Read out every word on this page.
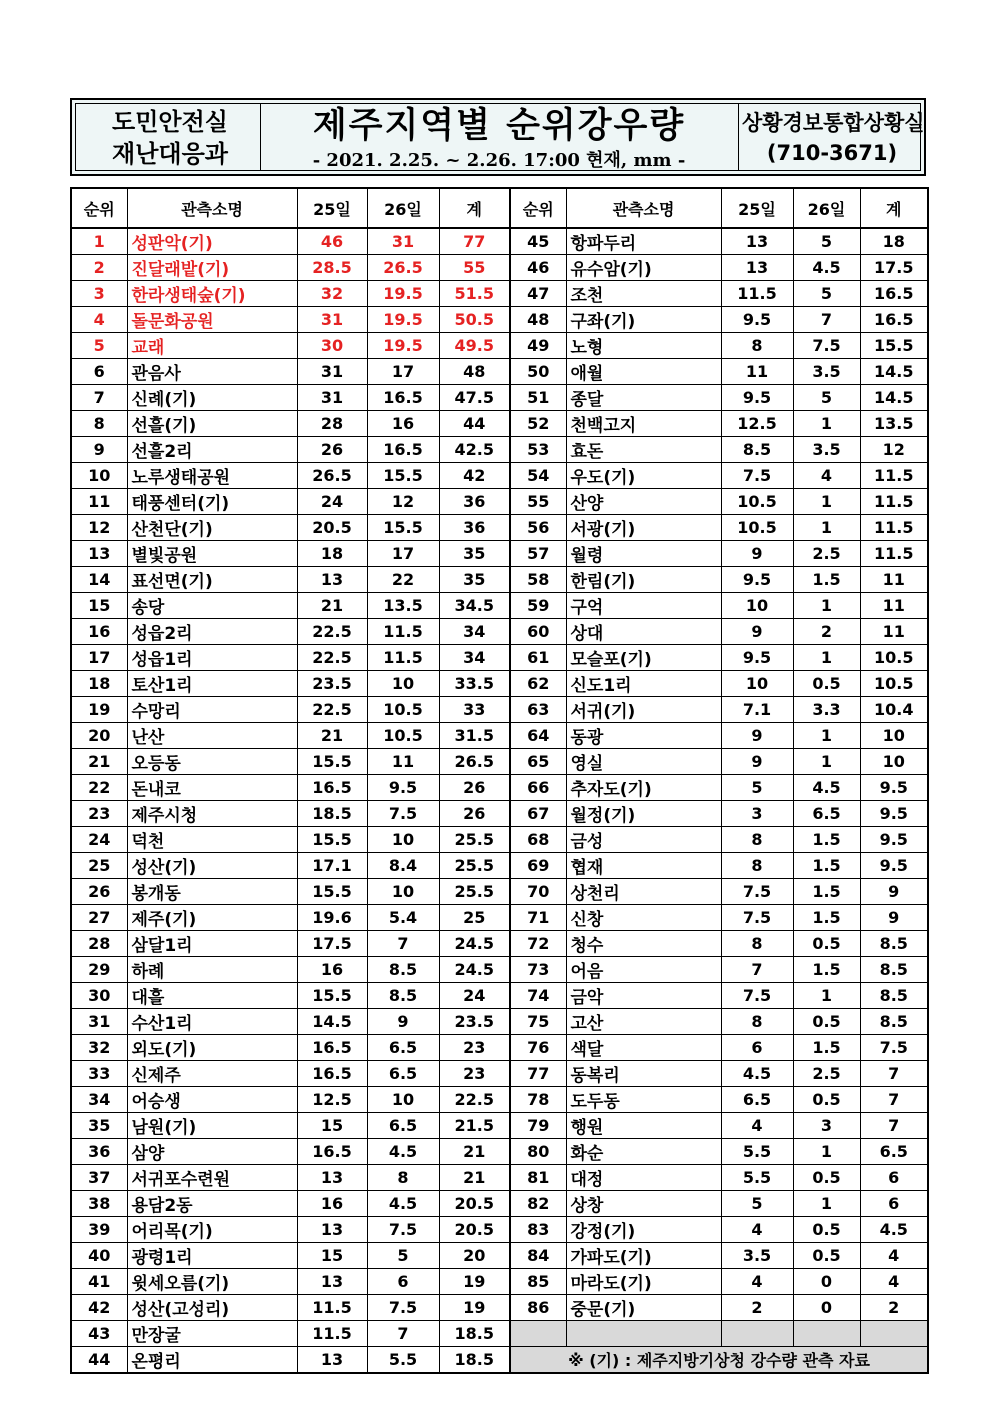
도민안전실
재난대응과
제주지역별 순위강우량
- 2021. 2.25. ~ 2.26. 17:00 현재, mm -
상황경보통합상황실
(710-3671)
순위	관측소명	25일	26일	계	순위	관측소명	25일	26일	계
1	성판악(기)	46	31	77	45	항파두리	13	5	18
2	진달래밭(기)	28.5	26.5	55	46	유수암(기)	13	4.5	17.5
3	한라생태숲(기)	32	19.5	51.5	47	조천	11.5	5	16.5
4	돌문화공원	31	19.5	50.5	48	구좌(기)	9.5	7	16.5
5	교래	30	19.5	49.5	49	노형	8	7.5	15.5
6	관음사	31	17	48	50	애월	11	3.5	14.5
7	신례(기)	31	16.5	47.5	51	종달	9.5	5	14.5
8	선흘(기)	28	16	44	52	천백고지	12.5	1	13.5
9	선흘2리	26	16.5	42.5	53	효돈	8.5	3.5	12
10	노루생태공원	26.5	15.5	42	54	우도(기)	7.5	4	11.5
11	태풍센터(기)	24	12	36	55	산양	10.5	1	11.5
12	산천단(기)	20.5	15.5	36	56	서광(기)	10.5	1	11.5
13	별빛공원	18	17	35	57	월령	9	2.5	11.5
14	표선면(기)	13	22	35	58	한림(기)	9.5	1.5	11
15	송당	21	13.5	34.5	59	구억	10	1	11
16	성읍2리	22.5	11.5	34	60	상대	9	2	11
17	성읍1리	22.5	11.5	34	61	모슬포(기)	9.5	1	10.5
18	토산1리	23.5	10	33.5	62	신도1리	10	0.5	10.5
19	수망리	22.5	10.5	33	63	서귀(기)	7.1	3.3	10.4
20	난산	21	10.5	31.5	64	동광	9	1	10
21	오등동	15.5	11	26.5	65	영실	9	1	10
22	돈내코	16.5	9.5	26	66	추자도(기)	5	4.5	9.5
23	제주시청	18.5	7.5	26	67	월정(기)	3	6.5	9.5
24	덕천	15.5	10	25.5	68	금성	8	1.5	9.5
25	성산(기)	17.1	8.4	25.5	69	협재	8	1.5	9.5
26	봉개동	15.5	10	25.5	70	상천리	7.5	1.5	9
27	제주(기)	19.6	5.4	25	71	신창	7.5	1.5	9
28	삼달1리	17.5	7	24.5	72	청수	8	0.5	8.5
29	하례	16	8.5	24.5	73	어음	7	1.5	8.5
30	대흘	15.5	8.5	24	74	금악	7.5	1	8.5
31	수산1리	14.5	9	23.5	75	고산	8	0.5	8.5
32	외도(기)	16.5	6.5	23	76	색달	6	1.5	7.5
33	신제주	16.5	6.5	23	77	동복리	4.5	2.5	7
34	어승생	12.5	10	22.5	78	도두동	6.5	0.5	7
35	남원(기)	15	6.5	21.5	79	행원	4	3	7
36	삼양	16.5	4.5	21	80	화순	5.5	1	6.5
37	서귀포수련원	13	8	21	81	대정	5.5	0.5	6
38	용담2동	16	4.5	20.5	82	상창	5	1	6
39	어리목(기)	13	7.5	20.5	83	강정(기)	4	0.5	4.5
40	광령1리	15	5	20	84	가파도(기)	3.5	0.5	4
41	윗세오름(기)	13	6	19	85	마라도(기)	4	0	4
42	성산(고성리)	11.5	7.5	19	86	중문(기)	2	0	2
43	만장굴	11.5	7	18.5					
44	온평리	13	5.5	18.5	※ (기) : 제주지방기상청 강수량 관측 자료				
